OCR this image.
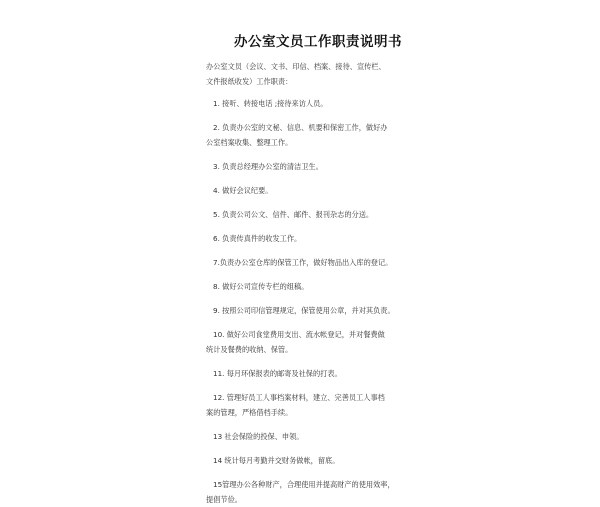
办公室文员工作职责说明书
办公室文员（会议、文书、印信、档案、接待、宣传栏、
文件报纸收发）工作职责：
1. 接听、转接电话 ;接待来访人员。
2. 负责办公室的文秘、信息、机要和保密工作，做好办
公室档案收集、整理工作。
3. 负责总经理办公室的清洁卫生。
4. 做好会议纪要。
5. 负责公司公文、信件、邮件、报刊杂志的分送。
6. 负责传真件的收发工作。
7.负责办公室仓库的保管工作，做好物品出入库的登记。
8. 做好公司宣传专栏的组稿。
9. 按照公司印信管理规定，保管使用公章，并对其负责。
10. 做好公司食堂费用支出、流水帐登记，并对餐费做
统计及餐费的收纳、保管。
11. 每月环保报表的邮寄及社保的打表。
12. 管理好员工人事档案材料，建立、完善员工人事档
案的管理，严格借档手续。
13 社会保险的投保、申领。
14 统计每月考勤并交财务做帐，留底。
15管理办公各种财产，合理使用并提高财产的使用效率，
提倡节俭。
